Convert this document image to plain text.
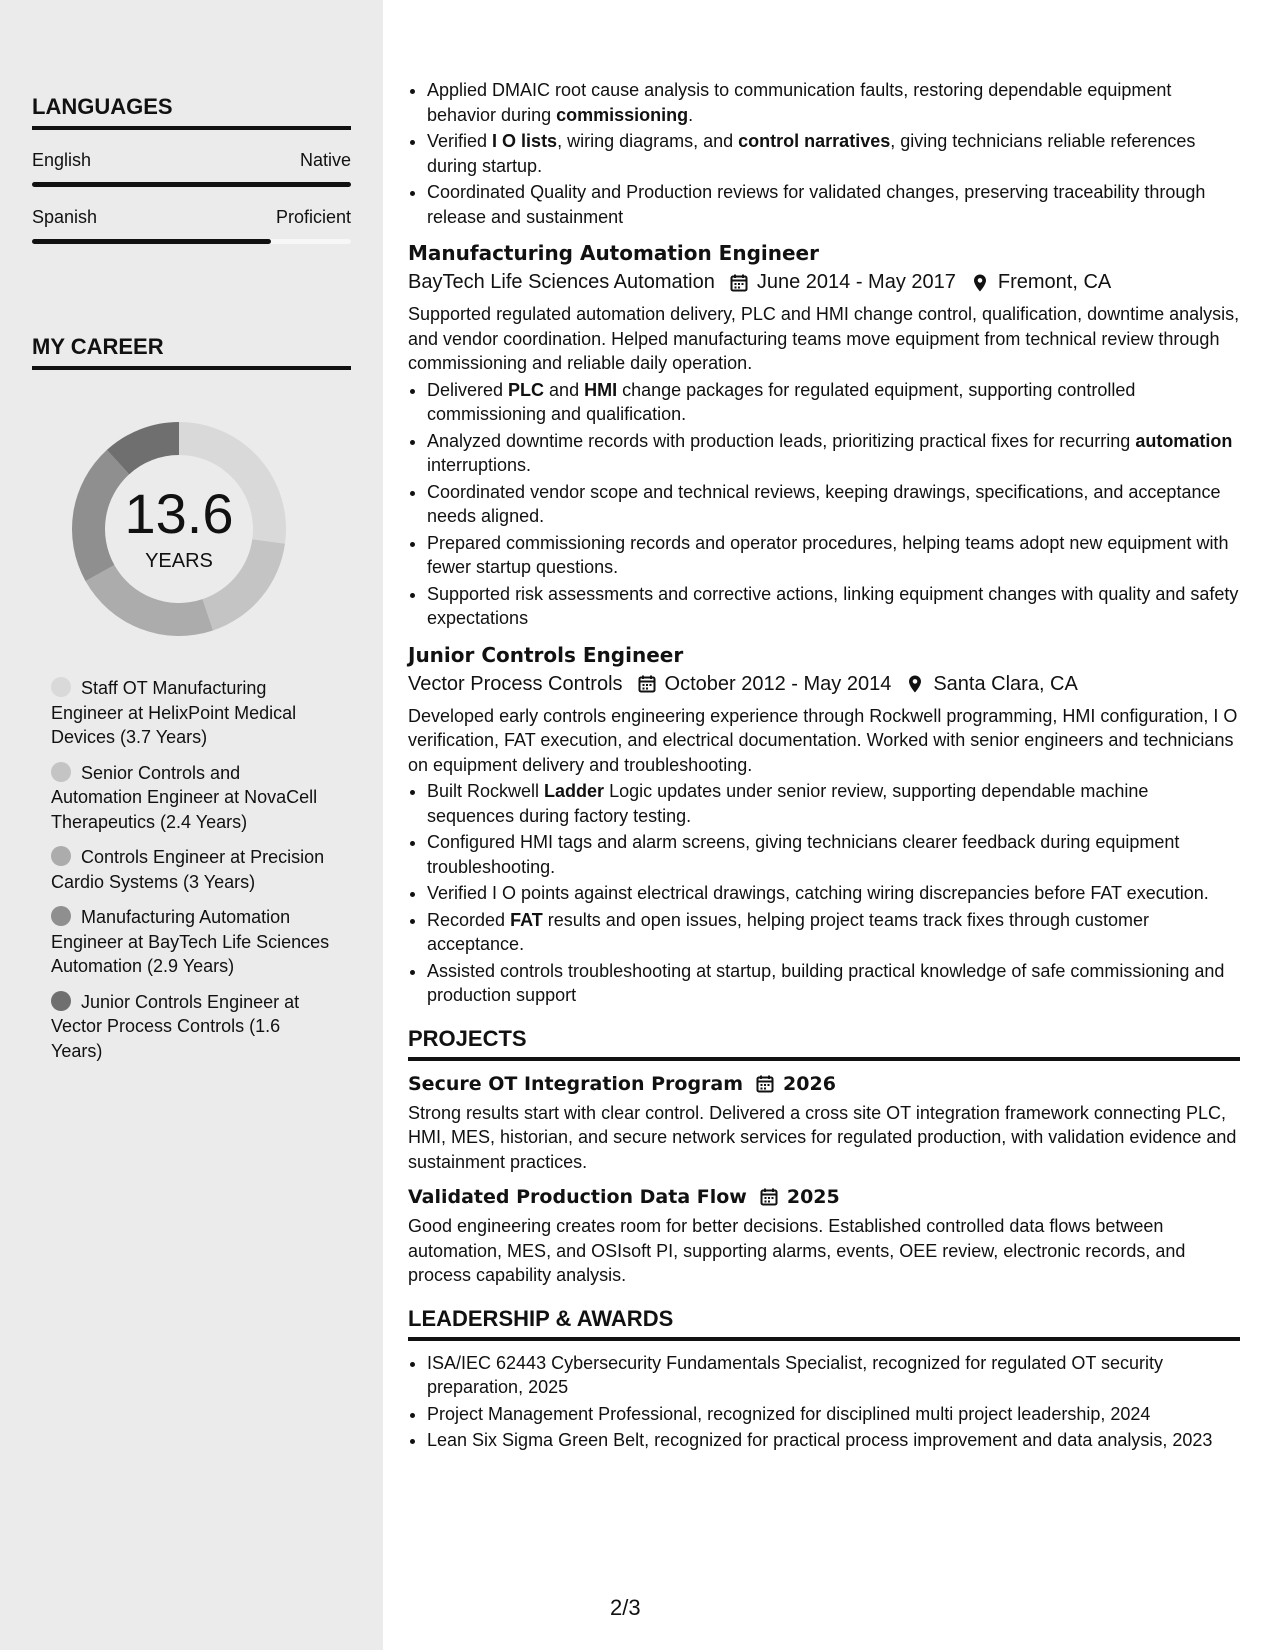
LANGUAGES
English	Native
Spanish	Proficient
MY CAREER
13.6
YEARS
Staff OT Manufacturing Engineer at HelixPoint Medical Devices (3.7 Years)
Senior Controls and Automation Engineer at NovaCell Therapeutics (2.4 Years)
Controls Engineer at Precision Cardio Systems (3 Years)
Manufacturing Automation Engineer at BayTech Life Sciences Automation (2.9 Years)
Junior Controls Engineer at Vector Process Controls (1.6 Years)
• Applied DMAIC root cause analysis to communication faults, restoring dependable equipment behavior during commissioning.
• Verified I O lists, wiring diagrams, and control narratives, giving technicians reliable references during startup.
• Coordinated Quality and Production reviews for validated changes, preserving traceability through release and sustainment
Manufacturing Automation Engineer
BayTech Life Sciences Automation June 2014 - May 2017 Fremont, CA

Supported regulated automation delivery, PLC and HMI change control, qualification, downtime analysis, and vendor coordination. Helped manufacturing teams move equipment from technical review through commissioning and reliable daily operation.

• Delivered PLC and HMI change packages for regulated equipment, supporting controlled commissioning and qualification.
• Analyzed downtime records with production leads, prioritizing practical fixes for recurring automation interruptions.
• Coordinated vendor scope and technical reviews, keeping drawings, specifications, and acceptance needs aligned.
• Prepared commissioning records and operator procedures, helping teams adopt new equipment with fewer startup questions.
• Supported risk assessments and corrective actions, linking equipment changes with quality and safety expectations
Junior Controls Engineer
Vector Process Controls October 2012 - May 2014 Santa Clara, CA

Developed early controls engineering experience through Rockwell programming, HMI configuration, I O verification, FAT execution, and electrical documentation. Worked with senior engineers and technicians on equipment delivery and troubleshooting.

• Built Rockwell Ladder Logic updates under senior review, supporting dependable machine sequences during factory testing.
• Configured HMI tags and alarm screens, giving technicians clearer feedback during equipment troubleshooting.
• Verified I O points against electrical drawings, catching wiring discrepancies before FAT execution.
• Recorded FAT results and open issues, helping project teams track fixes through customer acceptance.
• Assisted controls troubleshooting at startup, building practical knowledge of safe commissioning and production support
PROJECTS
Secure OT Integration Program 2026

Strong results start with clear control. Delivered a cross site OT integration framework connecting PLC, HMI, MES, historian, and secure network services for regulated production, with validation evidence and sustainment practices.

Validated Production Data Flow 2025

Good engineering creates room for better decisions. Established controlled data flows between automation, MES, and OSIsoft PI, supporting alarms, events, OEE review, electronic records, and process capability analysis.

LEADERSHIP & AWARDS
• ISA/IEC 62443 Cybersecurity Fundamentals Specialist, recognized for regulated OT security preparation, 2025
• Project Management Professional, recognized for disciplined multi project leadership, 2024
• Lean Six Sigma Green Belt, recognized for practical process improvement and data analysis, 2023
2/3
